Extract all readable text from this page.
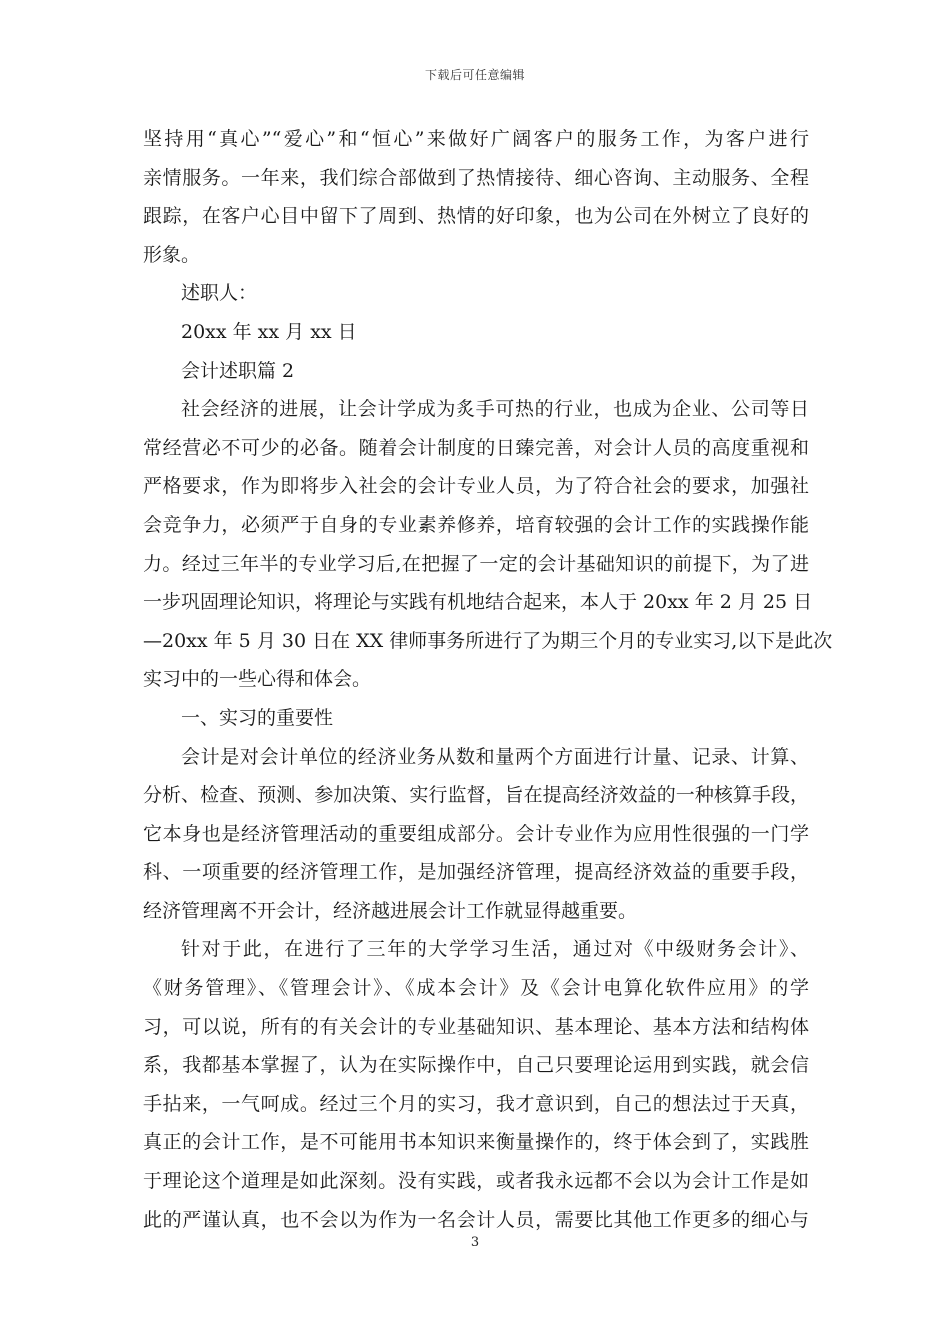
下载后可任意编辑
坚持用“真心”“爱心”和“恒心”来做好广阔客户的服务工作，为客户进行
亲情服务。一年来，我们综合部做到了热情接待、细心咨询、主动服务、全程
跟踪，在客户心目中留下了周到、热情的好印象，也为公司在外树立了良好的
形象。
述职人：
20xx 年 xx 月 xx 日
会计述职篇 2
社会经济的进展，让会计学成为炙手可热的行业，也成为企业、公司等日
常经营必不可少的必备。随着会计制度的日臻完善，对会计人员的高度重视和
严格要求，作为即将步入社会的会计专业人员，为了符合社会的要求，加强社
会竞争力，必须严于自身的专业素养修养，培育较强的会计工作的实践操作能
力。经过三年半的专业学习后,在把握了一定的会计基础知识的前提下，为了进
一步巩固理论知识，将理论与实践有机地结合起来，本人于 20xx 年 2 月 25 日
—20xx 年 5 月 30 日在 XX 律师事务所进行了为期三个月的专业实习,以下是此次
实习中的一些心得和体会。
一、实习的重要性
会计是对会计单位的经济业务从数和量两个方面进行计量、记录、计算、
分析、检查、预测、参加决策、实行监督，旨在提高经济效益的一种核算手段，
它本身也是经济管理活动的重要组成部分。会计专业作为应用性很强的一门学
科、一项重要的经济管理工作，是加强经济管理，提高经济效益的重要手段，
经济管理离不开会计，经济越进展会计工作就显得越重要。
针对于此，在进行了三年的大学学习生活，通过对《中级财务会计》、
《财务管理》、《管理会计》、《成本会计》及《会计电算化软件应用》的学
习，可以说，所有的有关会计的专业基础知识、基本理论、基本方法和结构体
系，我都基本掌握了，认为在实际操作中，自己只要理论运用到实践，就会信
手拈来，一气呵成。经过三个月的实习，我才意识到，自己的想法过于天真，
真正的会计工作，是不可能用书本知识来衡量操作的，终于体会到了，实践胜
于理论这个道理是如此深刻。没有实践，或者我永远都不会以为会计工作是如
此的严谨认真，也不会以为作为一名会计人员，需要比其他工作更多的细心与
3
